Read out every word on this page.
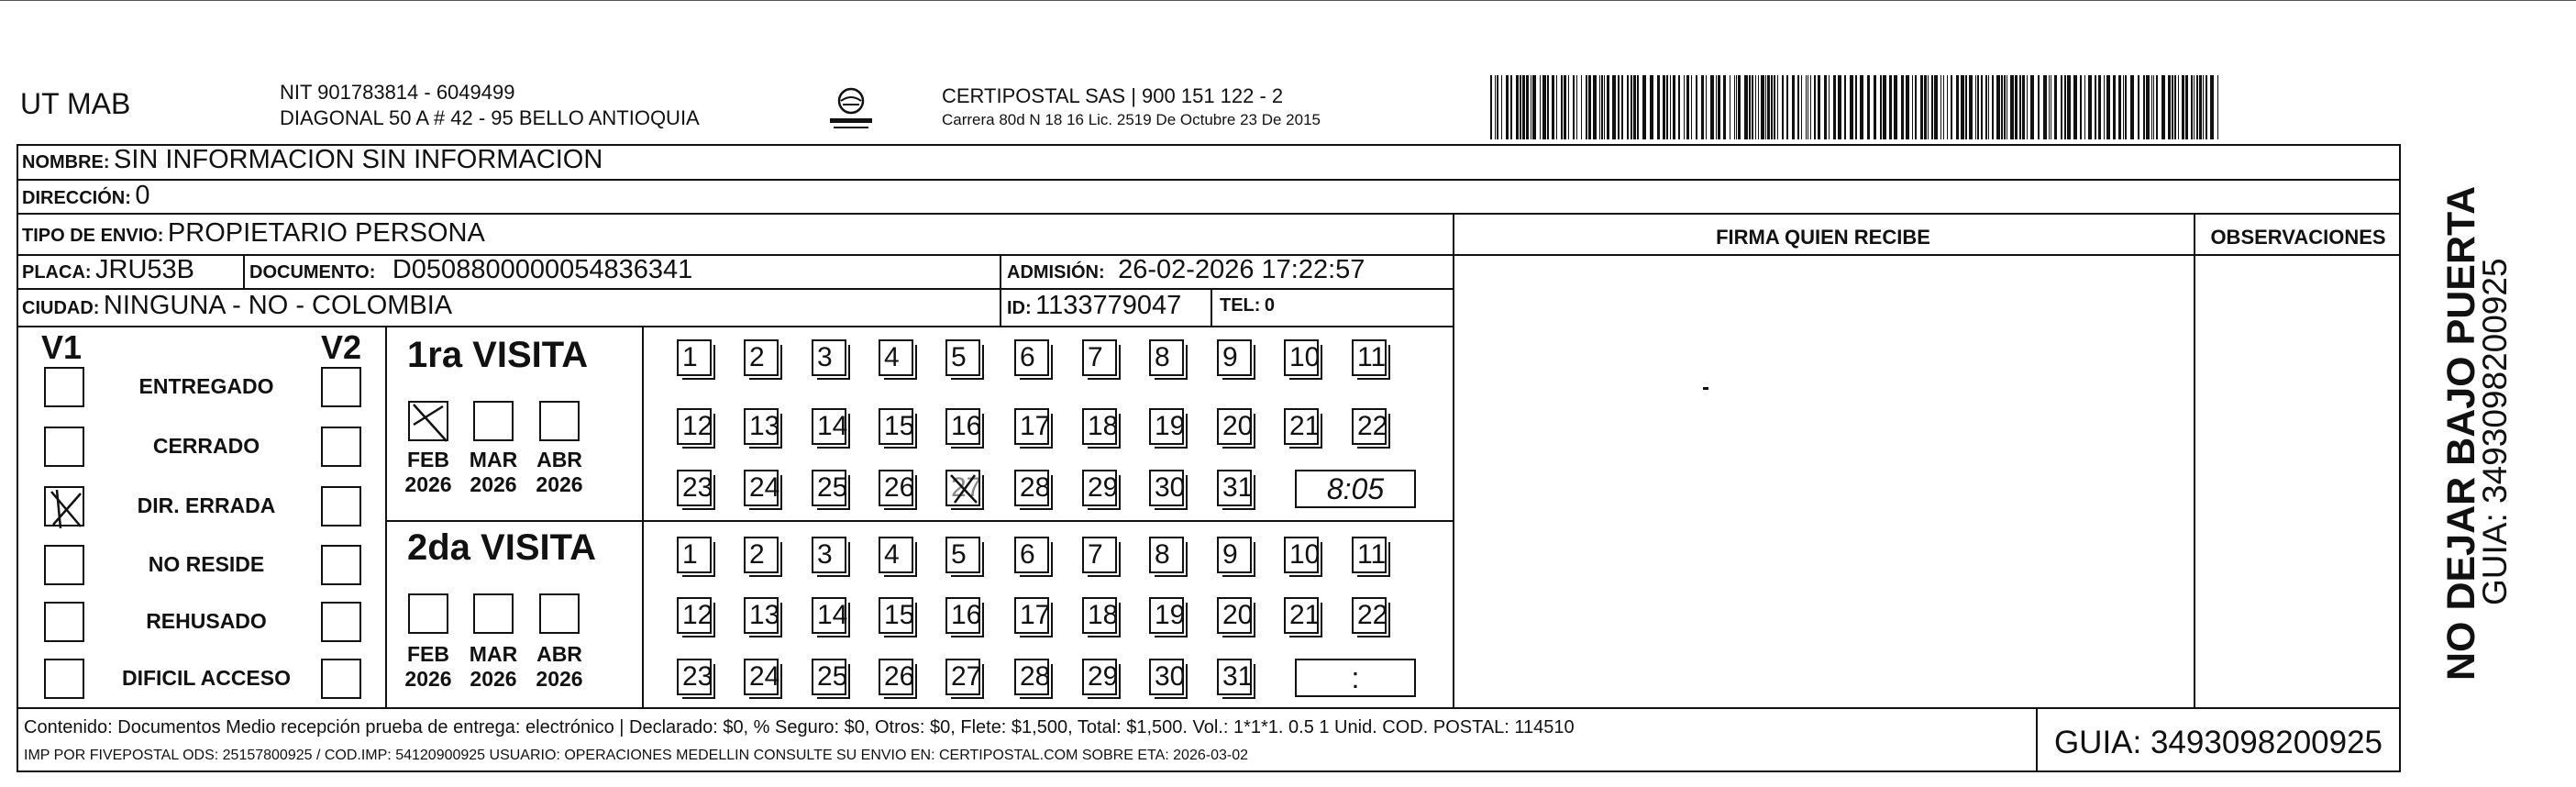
UT MAB	NIT 901783814 - 6049499
DIAGONAL 50 A # 42 - 95 BELLO ANTIOQUIA
CERTIPOSTAL SAS | 900 151 122 - 2
Carrera 80d N 18 16 Lic. 2519 De Octubre 23 De 2015
NOMBRE: SIN INFORMACION SIN INFORMACION
DIRECCIÓN: 0
TIPO DE ENVIO: PROPIETARIO PERSONA
PLACA: JRU53B	DOCUMENTO: D0508800000054836341	ADMISIÓN: 26-02-2026 17:22:57
CIUDAD: NINGUNA - NO - COLOMBIA	ID: 1133779047 TEL: 0
FIRMA QUIEN RECIBE	OBSERVACIONES
V1	V2
ENTREGADO
CERRADO
DIR. ERRADA
NO RESIDE
REHUSADO
DIFICIL ACCESO
1ra VISITA
FEB
2026
MAR
2026
ABR
2026
1	2	3	4	5	6	7	8	9	10 11
12 13 14 15 16 17 18 19 20 21 22
23 24 25 26 27 28 29 30 31	8:05
2da VISITA
FEB
2026
MAR
2026
ABR
2026
1	2	3	4	5	6	7	8	9	10 11
12 13 14 15 16 17 18 19 20 21 22
23 24 25 26 27 28 29 30 31	:
Contenido: Documentos Medio recepción prueba de entrega: electrónico | Declarado: $0, % Seguro: $0, Otros: $0, Flete: $1,500, Total: $1,500. Vol.: 1*1*1. 0.5 1 Unid. COD. POSTAL: 114510
IMP POR FIVEPOSTAL ODS: 25157800925 / COD.IMP: 54120900925 USUARIO: OPERACIONES MEDELLIN CONSULTE SU ENVIO EN: CERTIPOSTAL.COM SOBRE ETA: 2026-03-02	GUIA: 3493098200925
NO DEJAR BAJO PUERTA
GUIA: 3493098200925
